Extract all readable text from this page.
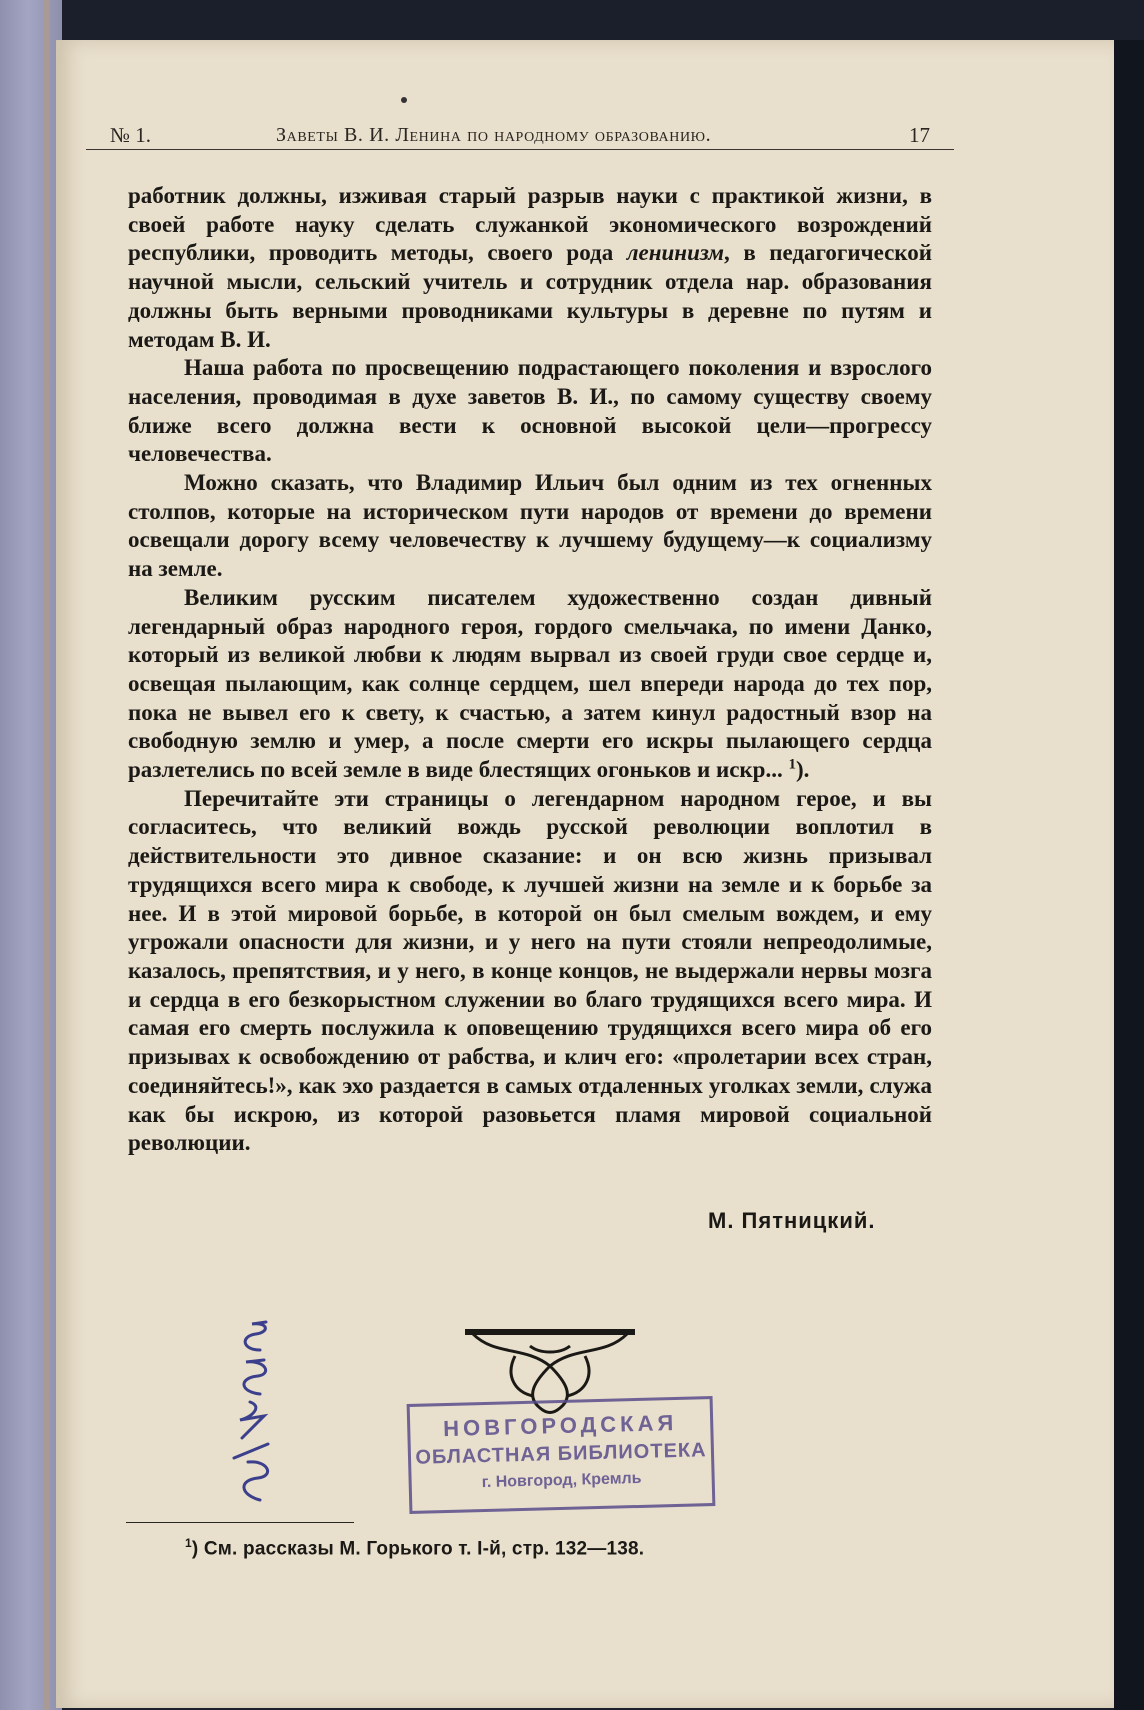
№ 1.	Заветы В. И. Ленина по народному образованию.	17

работник должны, изживая старый разрыв науки с практикой жизни, в своей работе науку сделать служанкой экономического возрождений республики, проводить методы, своего рода ленинизм, в педагогической научной мысли, сельский учитель и сотрудник отдела нар. образования должны быть верными проводниками культуры в деревне по путям и методам В. И.

Наша работа по просвещению подрастающего поколения и взрослого населения, проводимая в духе заветов В. И., по самому существу своему ближе всего должна вести к основной высокой цели—прогрессу человечества.

Можно сказать, что Владимир Ильич был одним из тех огненных столпов, которые на историческом пути народов от времени до времени освещали дорогу всему человечеству к лучшему будущему—к социализму на земле.

Великим русским писателем художественно создан дивный легендарный образ народного героя, гордого смельчака, по имени Данко, который из великой любви к людям вырвал из своей груди свое сердце и, освещая пылающим, как солнце сердцем, шел впереди народа до тех пор, пока не вывел его к свету, к счастью, а затем кинул радостный взор на свободную землю и умер, а после смерти его искры пылающего сердца разлетелись по всей земле в виде блестящих огоньков и искр... $^1$).

Перечитайте эти страницы о легендарном народном герое, и вы согласитесь, что великий вождь русской революции воплотил в действительности это дивное сказание: и он всю жизнь призывал трудящихся всего мира к свободе, к лучшей жизни на земле и к борьбе за нее. И в этой мировой борьбе, в которой он был смелым вождем, и ему угрожали опасности для жизни, и у него на пути стояли непреодолимые, казалось, препятствия, и у него, в конце концов, не выдержали нервы мозга и сердца в его безкорыстном служении во благо трудящихся всего мира. И самая его смерть послужила к оповещению трудящихся всего мира об его призывах к освобождению от рабства, и клич его: «пролетарии всех стран, соединяйтесь!», как эхо раздается в самых отдаленных уголках земли, служа как бы искрою, из которой разовьется пламя мировой социальной революции.

М. Пятницкий.
НОВГОРОДСКАЯ
ОБЛАСТНАЯ БИБЛИОТЕКА
г. Новгород, Кремль
$^1$) См. рассказы М. Горького т. I-й, стр. 132—138.
